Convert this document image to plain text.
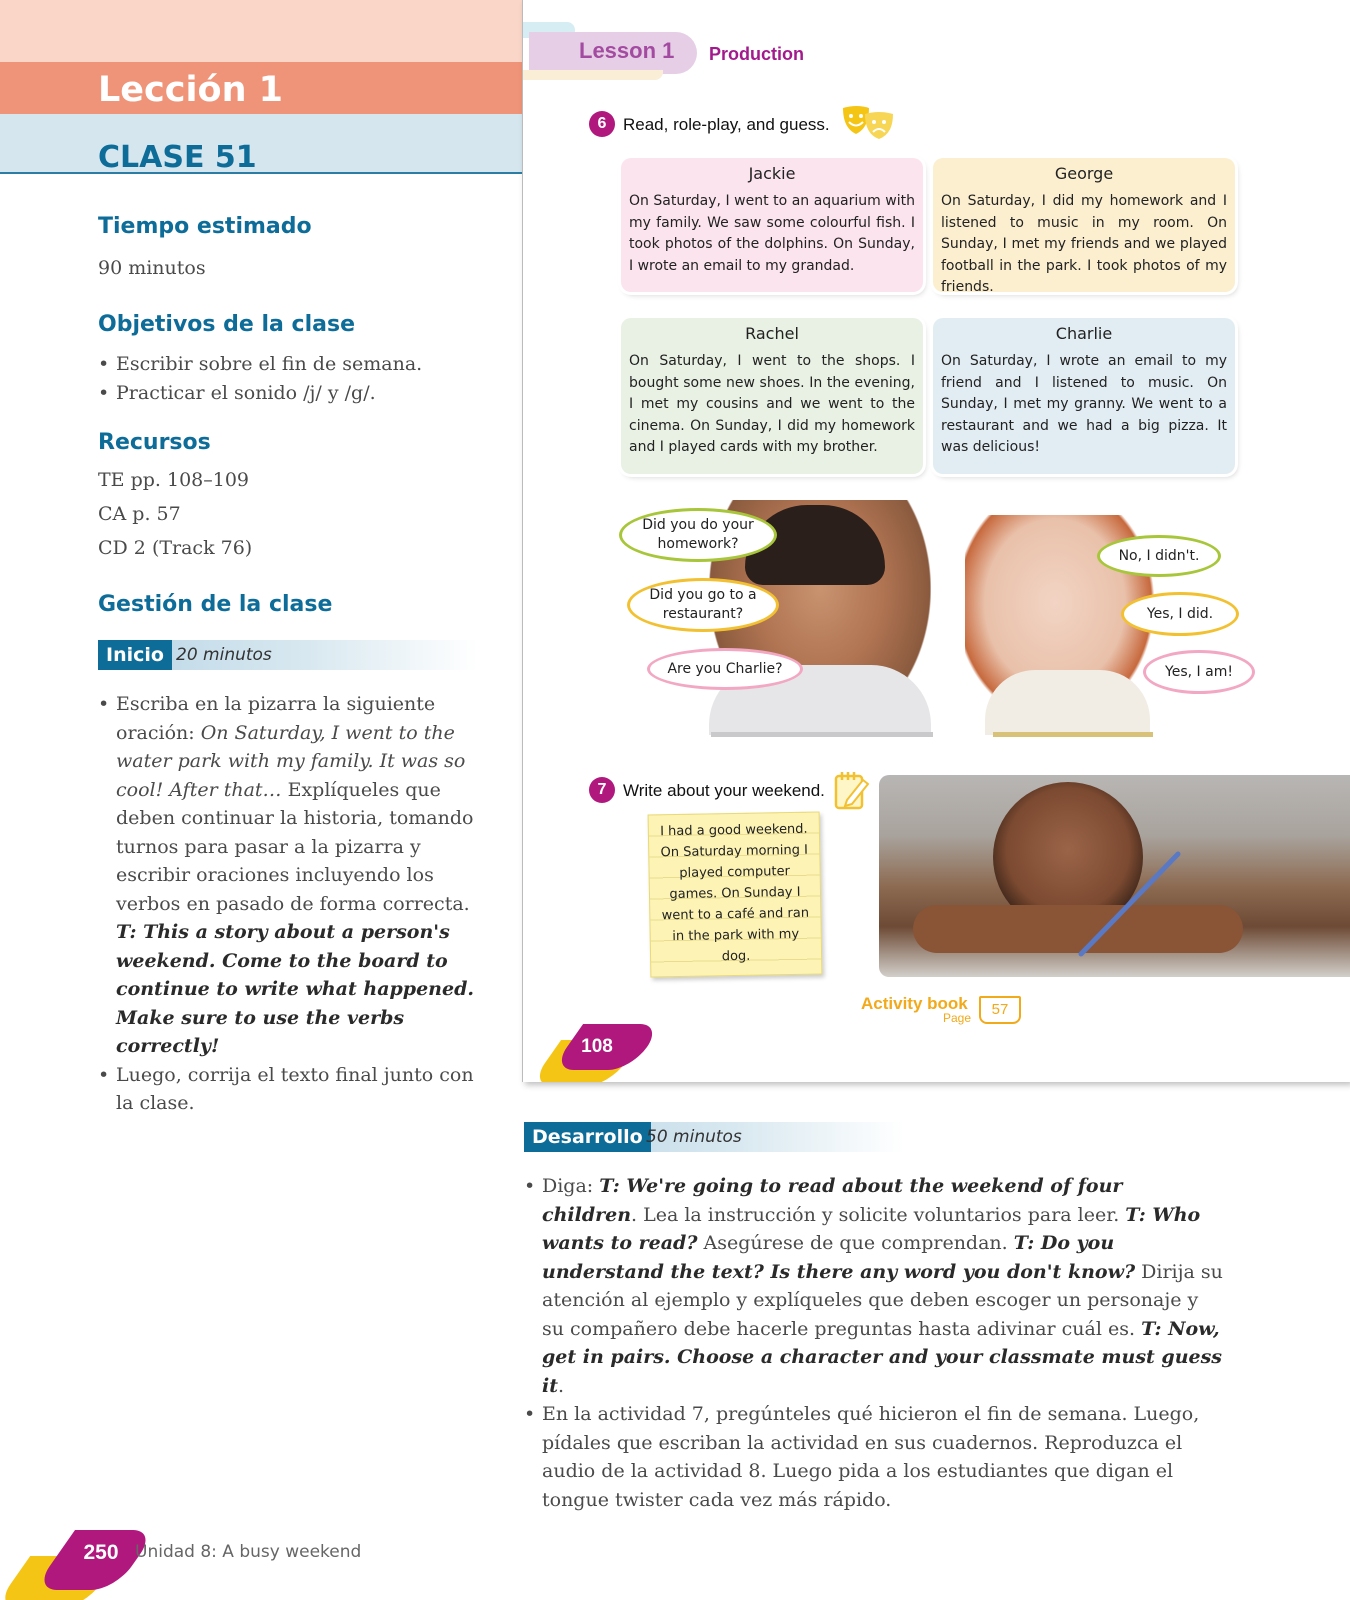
Lección 1
CLASE 51
Tiempo estimado
90 minutos
Objetivos de la clase
• Escribir sobre el fin de semana.
• Practicar el sonido /j/ y /g/.
Recursos
TE pp. 108–109
CA p. 57
CD 2 (Track 76)
Gestión de la clase
Inicio 20 minutos
• Escriba en la pizarra la siguiente oración: On Saturday, I went to the water park with my family. It was so cool! After that… Explíqueles que deben continuar la historia, tomando turnos para pasar a la pizarra y escribir oraciones incluyendo los verbos en pasado de forma correcta. T: This a story about a person's weekend. Come to the board to continue to write what happened. Make sure to use the verbs correctly!
• Luego, corrija el texto final junto con la clase.
Lesson 1 Production
6 Read, role-play, and guess.
Jackie
On Saturday, I went to an aquarium with my family. We saw some colourful fish. I took photos of the dolphins. On Sunday, I wrote an email to my grandad.
George
On Saturday, I did my homework and I listened to music in my room. On Sunday, I met my friends and we played football in the park. I took photos of my friends.
Rachel
On Saturday, I went to the shops. I bought some new shoes. In the evening, I met my cousins and we went to the cinema. On Sunday, I did my homework and I played cards with my brother.
Charlie
On Saturday, I wrote an email to my friend and I listened to music. On Sunday, I met my granny. We went to a restaurant and we had a big pizza. It was delicious!
Did you do your homework?
Did you go to a restaurant?
Are you Charlie?
No, I didn't.
Yes, I did.
Yes, I am!
7 Write about your weekend.
I had a good weekend. On Saturday morning I played computer games. On Sunday I went to a café and ran in the park with my dog.
Activity book
Page	57
108
Desarrollo 50 minutos
• Diga: T: We're going to read about the weekend of four children. Lea la instrucción y solicite voluntarios para leer. T: Who wants to read? Asegúrese de que comprendan. T: Do you understand the text? Is there any word you don't know? Dirija su atención al ejemplo y explíqueles que deben escoger un personaje y su compañero debe hacerle preguntas hasta adivinar cuál es. T: Now, get in pairs. Choose a character and your classmate must guess it.
• En la actividad 7, pregúnteles qué hicieron el fin de semana. Luego, pídales que escriban la actividad en sus cuadernos. Reproduzca el audio de la actividad 8. Luego pida a los estudiantes que digan el tongue twister cada vez más rápido.
250 Unidad 8: A busy weekend
